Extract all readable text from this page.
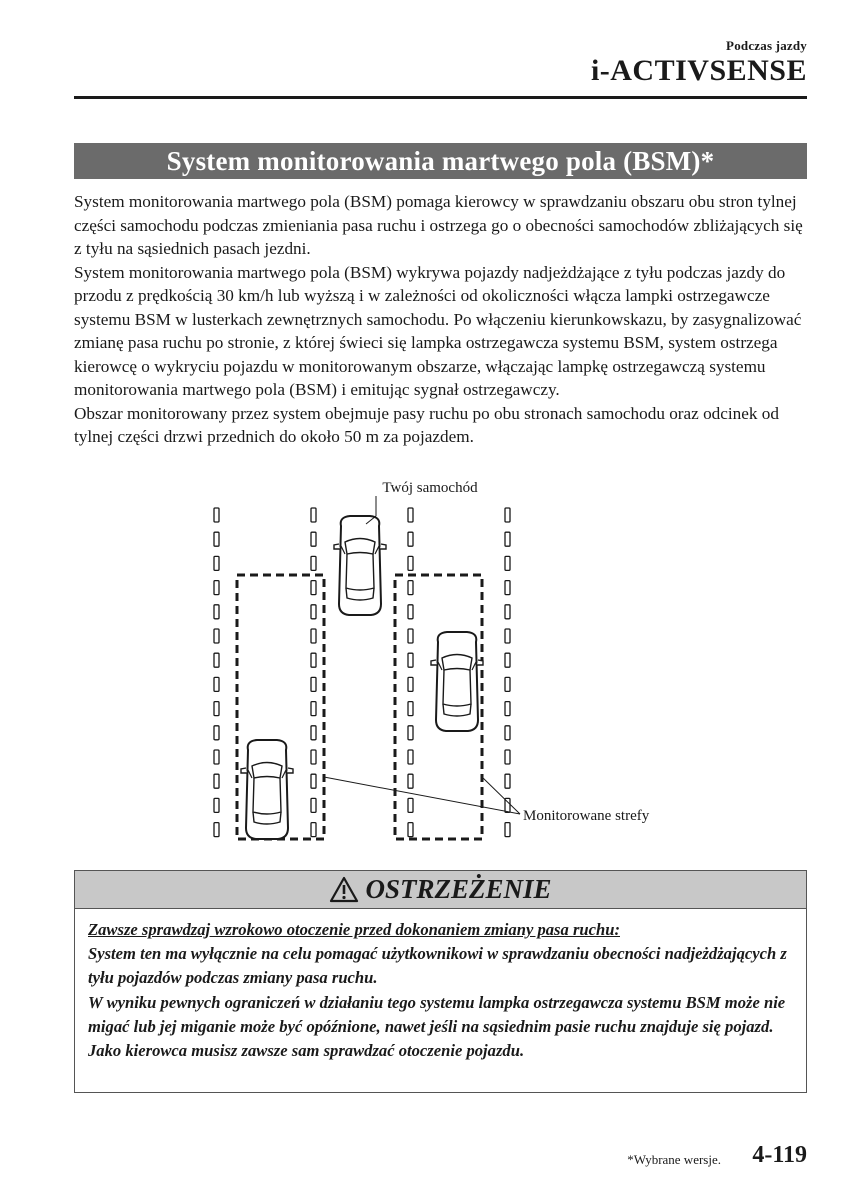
Podczas jazdy
i-ACTIVSENSE
System monitorowania martwego pola (BSM)*

System monitorowania martwego pola (BSM) pomaga kierowcy w sprawdzaniu obszaru obu stron tylnej części samochodu podczas zmieniania pasa ruchu i ostrzega go o obecności samochodów zbliżających się z tyłu na sąsiednich pasach jezdni.

System monitorowania martwego pola (BSM) wykrywa pojazdy nadjeżdżające z tyłu podczas jazdy do przodu z prędkością 30 km/h lub wyższą i w zależności od okoliczności włącza lampki ostrzegawcze systemu BSM w lusterkach zewnętrznych samochodu. Po włączeniu kierunkowskazu, by zasygnalizować zmianę pasa ruchu po stronie, z której świeci się lampka ostrzegawcza systemu BSM, system ostrzega kierowcę o wykryciu pojazdu w monitorowanym obszarze, włączając lampkę ostrzegawczą systemu monitorowania martwego pola (BSM) i emitując sygnał ostrzegawczy.

Obszar monitorowany przez system obejmuje pasy ruchu po obu stronach samochodu oraz odcinek od tylnej części drzwi przednich do około 50 m za pojazdem.

Twój samochód
Monitorowane strefy
OSTRZEŻENIE

Zawsze sprawdzaj wzrokowo otoczenie przed dokonaniem zmiany pasa ruchu:

System ten ma wyłącznie na celu pomagać użytkownikowi w sprawdzaniu obecności nadjeżdżających z tyłu pojazdów podczas zmiany pasa ruchu.

W wyniku pewnych ograniczeń w działaniu tego systemu lampka ostrzegawcza systemu BSM może nie migać lub jej miganie może być opóźnione, nawet jeśli na sąsiednim pasie ruchu znajduje się pojazd. Jako kierowca musisz zawsze sam sprawdzać otoczenie pojazdu.

*Wybrane wersje. 4-119
